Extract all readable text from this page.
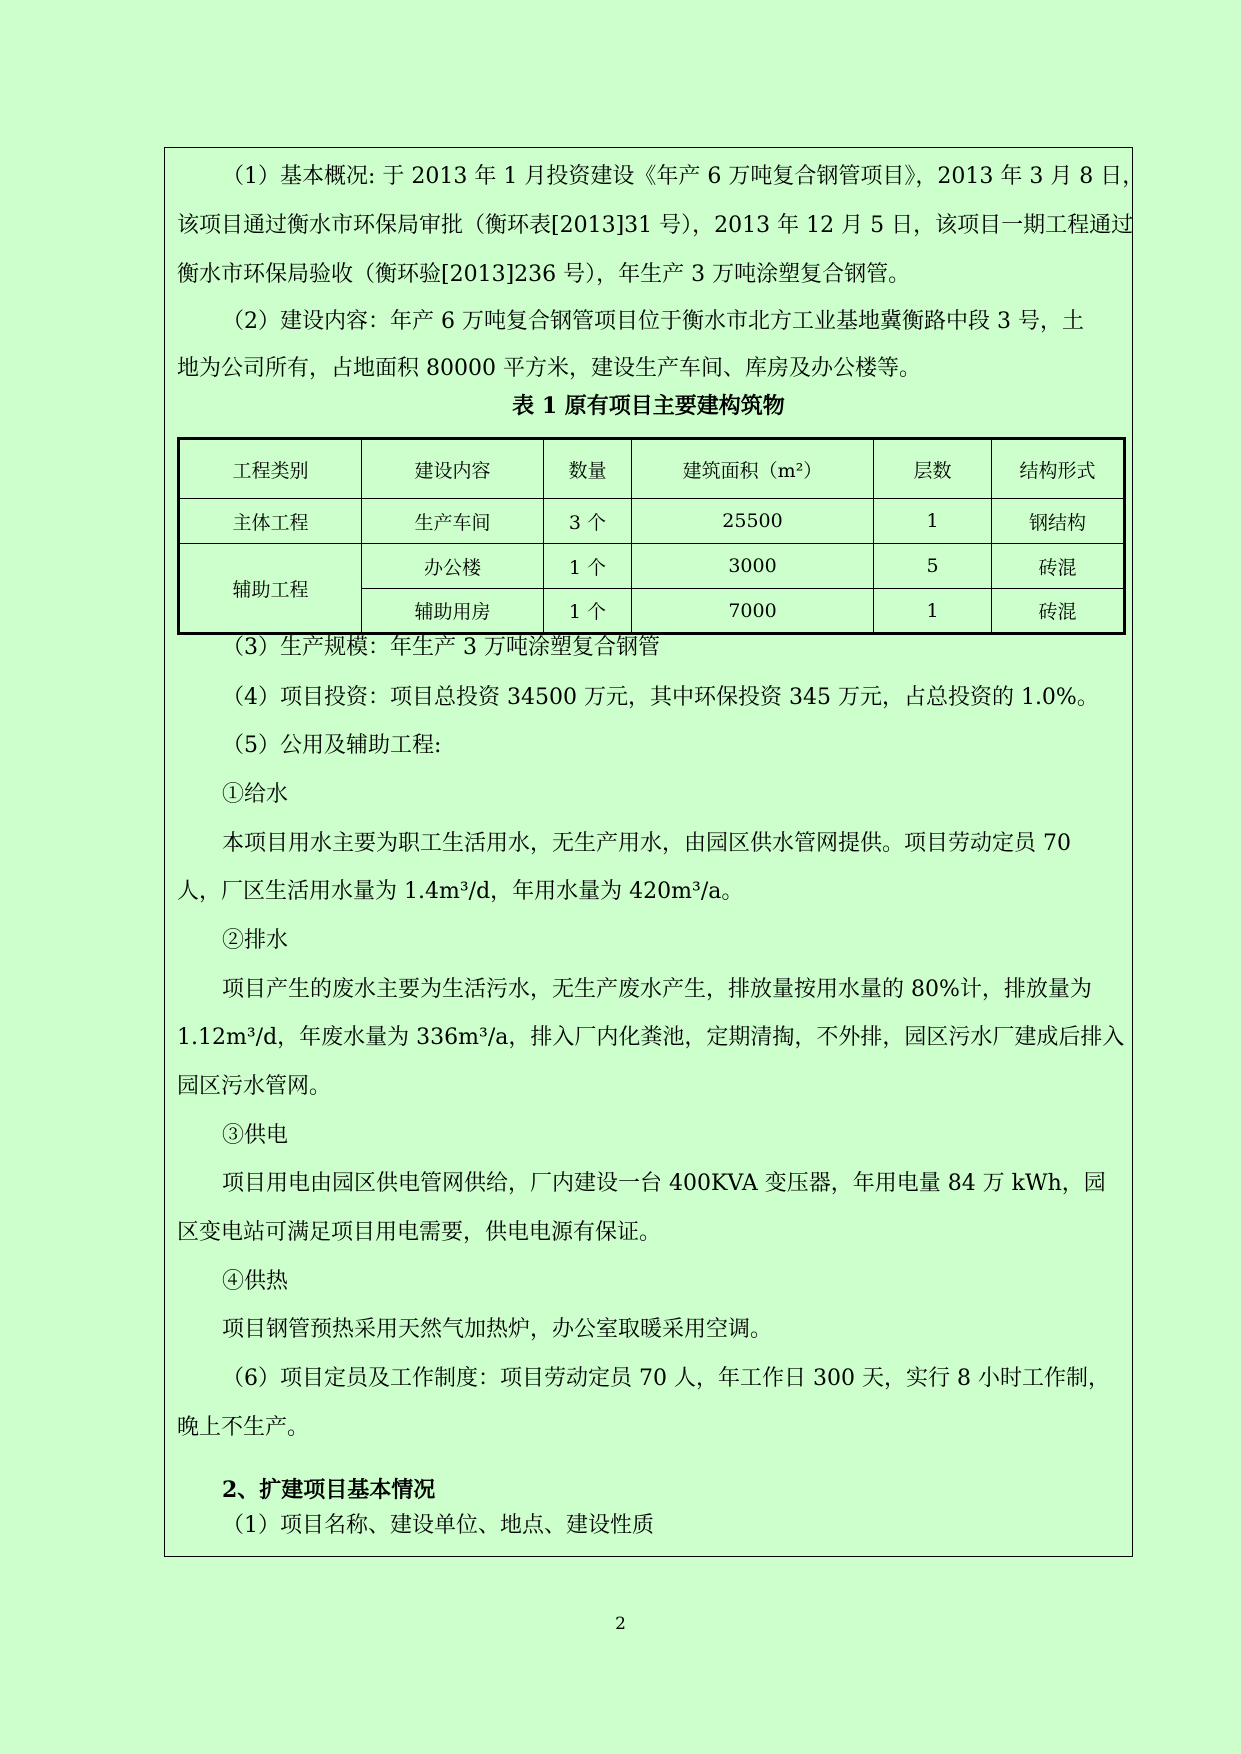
（1）基本概况: 于 2013 年 1 月投资建设《年产 6 万吨复合钢管项目》，2013 年 3 月 8 日，
该项目通过衡水市环保局审批（衡环表[2013]31 号），2013 年 12 月 5 日，该项目一期工程通过
衡水市环保局验收（衡环验[2013]236 号），年生产 3 万吨涂塑复合钢管。
（2）建设内容：年产 6 万吨复合钢管项目位于衡水市北方工业基地冀衡路中段 3 号，土
地为公司所有，占地面积 80000 平方米，建设生产车间、库房及办公楼等。
表 1 原有项目主要建构筑物
工程类别	建设内容	数量	建筑面积（m²）	层数	结构形式
主体工程	生产车间	3 个	25500	1	钢结构
辅助工程	办公楼	1 个	3000	5	砖混
	辅助用房	1 个	7000	1	砖混
（3）生产规模：年生产 3 万吨涂塑复合钢管
（4）项目投资：项目总投资 34500 万元，其中环保投资 345 万元，占总投资的 1.0%。
（5）公用及辅助工程:
①给水
本项目用水主要为职工生活用水，无生产用水，由园区供水管网提供。项目劳动定员 70
人，厂区生活用水量为 1.4m³/d，年用水量为 420m³/a。
②排水
项目产生的废水主要为生活污水，无生产废水产生，排放量按用水量的 80%计，排放量为
1.12m³/d，年废水量为 336m³/a，排入厂内化粪池，定期清掏，不外排，园区污水厂建成后排入
园区污水管网。
③供电
项目用电由园区供电管网供给，厂内建设一台 400KVA 变压器，年用电量 84 万 kWh，园
区变电站可满足项目用电需要，供电电源有保证。
④供热
项目钢管预热采用天然气加热炉，办公室取暖采用空调。
（6）项目定员及工作制度：项目劳动定员 70 人，年工作日 300 天，实行 8 小时工作制，
晚上不生产。
2、扩建项目基本情况
（1）项目名称、建设单位、地点、建设性质
2
